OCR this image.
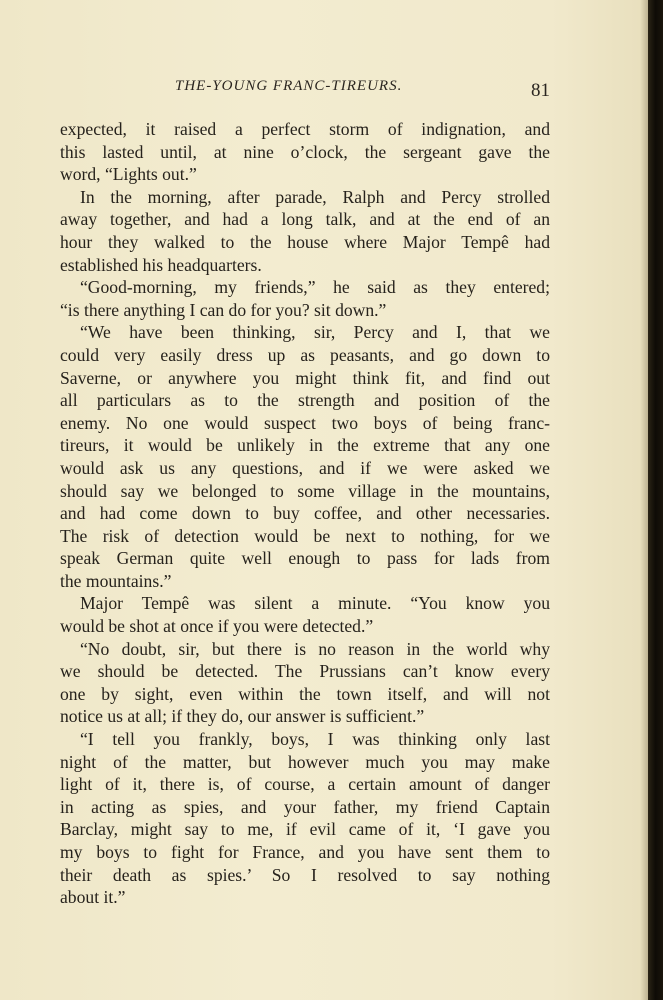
THE-YOUNG FRANC-TIREURS.	81
expected, it raised a perfect storm of indignation, and
this lasted until, at nine o’clock, the sergeant gave the
word, “Lights out.”
In the morning, after parade, Ralph and Percy strolled
away together, and had a long talk, and at the end of an
hour they walked to the house where Major Tempê had
established his headquarters.
“Good-morning, my friends,” he said as they entered;
“is there anything I can do for you? sit down.”
“We have been thinking, sir, Percy and I, that we
could very easily dress up as peasants, and go down to
Saverne, or anywhere you might think fit, and find out
all particulars as to the strength and position of the
enemy. No one would suspect two boys of being franc-
tireurs, it would be unlikely in the extreme that any one
would ask us any questions, and if we were asked we
should say we belonged to some village in the mountains,
and had come down to buy coffee, and other necessaries.
The risk of detection would be next to nothing, for we
speak German quite well enough to pass for lads from
the mountains.”
Major Tempê was silent a minute. “You know you
would be shot at once if you were detected.”
“No doubt, sir, but there is no reason in the world why
we should be detected. The Prussians can’t know every
one by sight, even within the town itself, and will not
notice us at all; if they do, our answer is sufficient.”
“I tell you frankly, boys, I was thinking only last
night of the matter, but however much you may make
light of it, there is, of course, a certain amount of danger
in acting as spies, and your father, my friend Captain
Barclay, might say to me, if evil came of it, ‘I gave you
my boys to fight for France, and you have sent them to
their death as spies.’ So I resolved to say nothing
about it.”
